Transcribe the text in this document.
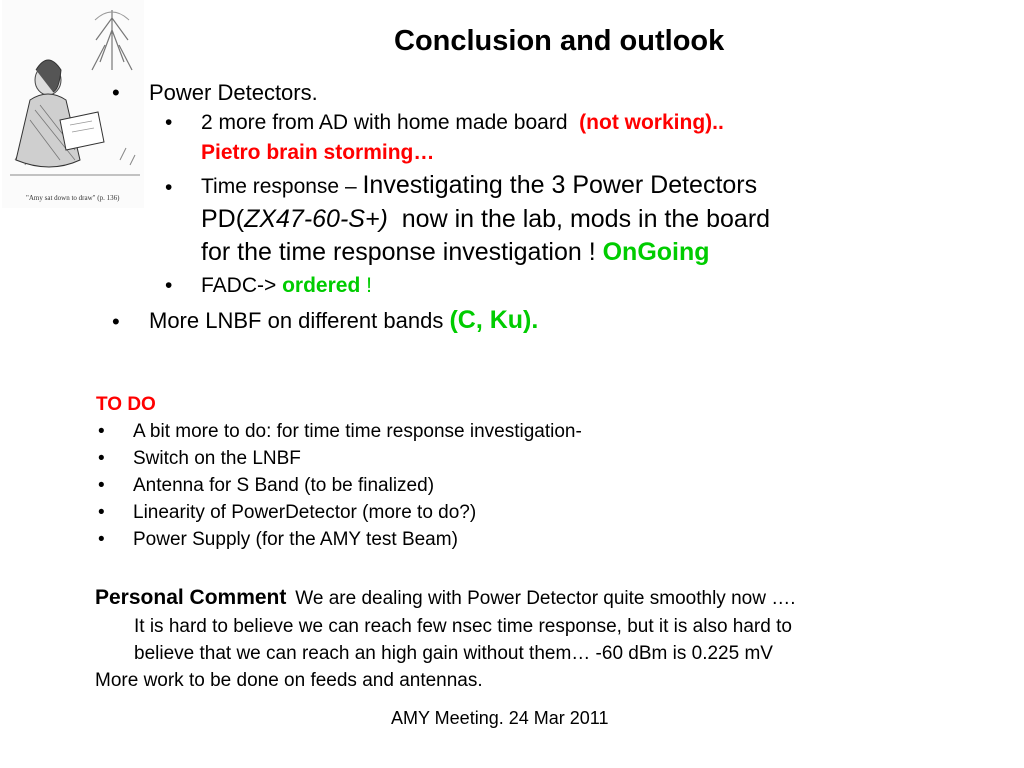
"Amy sat down to draw" (p. 136)
Conclusion and outlook
• Power Detectors.
• 2 more from AD with home made board (not working)..
Pietro brain storming…
• Time response – Investigating the 3 Power Detectors
PD(ZX47-60-S+) now in the lab, mods in the board
for the time response investigation ! OnGoing
• FADC-> ordered !
• More LNBF on different bands (C, Ku).
TO DO
• A bit more to do: for time time response investigation-
• Switch on the LNBF
• Antenna for S Band (to be finalized)
• Linearity of PowerDetector (more to do?)
• Power Supply (for the AMY test Beam)
Personal Comment We are dealing with Power Detector quite smoothly now ….
It is hard to believe we can reach few nsec time response, but it is also hard to
believe that we can reach an high gain without them… -60 dBm is 0.225 mV
More work to be done on feeds and antennas.
AMY Meeting. 24 Mar 2011
